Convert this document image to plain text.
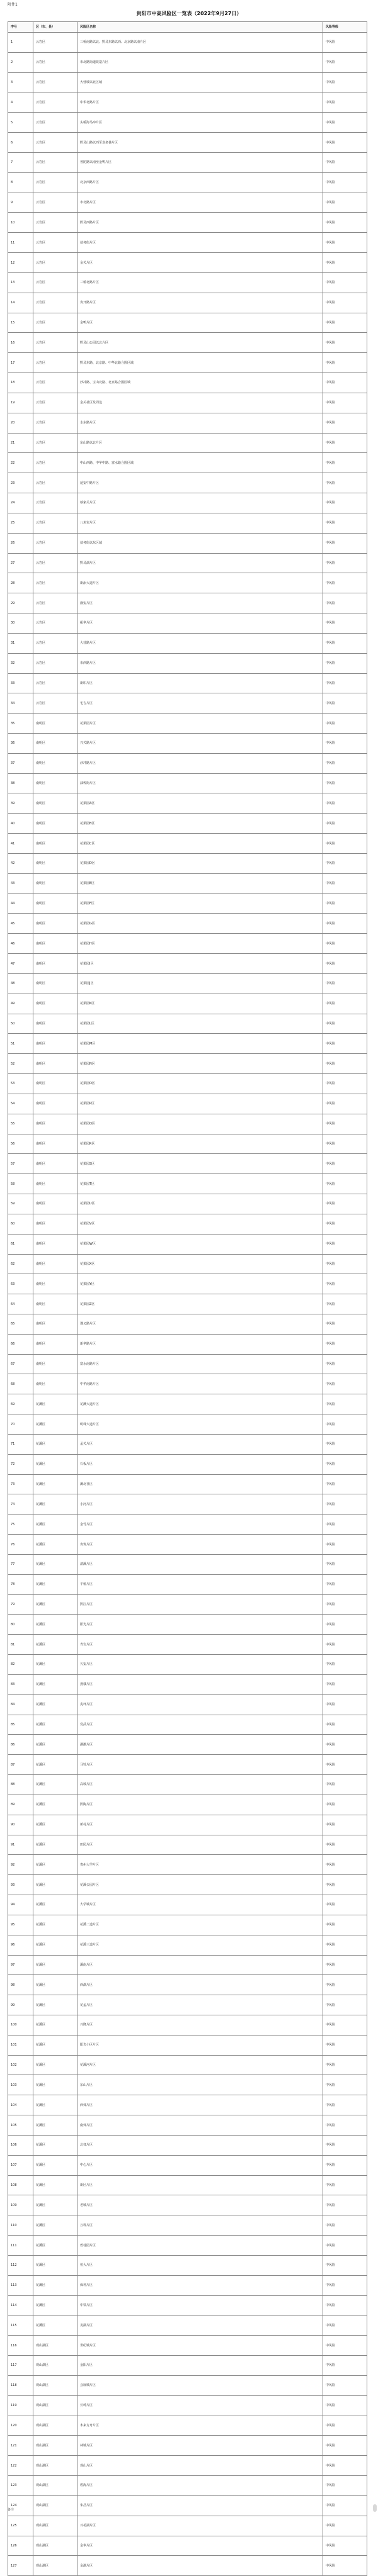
附件1
贵阳市中高风险区一览表（2022年9月27日）
序号	区（市、县）	风险区名称	风险等级
1	云岩区	三桥南路以北、黔灵东路以西、北京路以南片区	中风险
2	云岩区	市北路街道改造片区	中风险
3	云岩区	大营坡以北区域	中风险
4	云岩区	中华北路片区	中风险
5	云岩区	头桥海马冲片区	中风险
6	云岩区	黔灵山路以西至龙泉巷片区	中风险
7	云岩区	普陀路以南至金鸭片区	中风险
8	云岩区	北京西路片区	中风险
9	云岩区	市北路片区	中风险
10	云岩区	黔灵西路片区	中风险
11	云岩区	盐务街片区	中风险
12	云岩区	金关片区	中风险
13	云岩区	三桥北路片区	中风险
14	云岩区	贵开路片区	中风险
15	云岩区	金鸭片区	中风险
16	云岩区	黔灵山公园以北片区	中风险
17	云岩区	黔灵东路、北京路、中华北路合围区域	中风险
18	云岩区	沙冲路、宝山北路、北京路合围区域	中风险
19	云岩区	金关社区及周边	中风险
20	云岩区	水东路片区	中风险
21	云岩区	东山路以北片区	中风险
22	云岩区	中山西路、中华中路、富水路合围区域	中风险
23	云岩区	延安中路片区	中风险
24	云岩区	蔡家关片区	中风险
25	云岩区	八角岩片区	中风险
26	云岩区	盐务街以东区域	中风险
27	云岩区	黔灵湖片区	中风险
28	云岩区	新添大道片区	中风险
29	云岩区	渔安片区	中风险
30	云岩区	振华片区	中风险
31	云岩区	大营路片区	中风险
32	云岩区	市西路片区	中风险
33	云岩区	新印片区	中风险
34	云岩区	宅吉片区	中风险
35	南明区	花果园片区	中风险
36	南明区	兴关路片区	中风险
37	南明区	沙冲路片区	中风险
38	南明区	油榨街片区	中风险
39	南明区	花果园A区	中风险
40	南明区	花果园B区	中风险
41	南明区	花果园C区	中风险
42	南明区	花果园D区	中风险
43	南明区	花果园E区	中风险
44	南明区	花果园F区	中风险
45	南明区	花果园G区	中风险
46	南明区	花果园H区	中风险
47	南明区	花果园I区	中风险
48	南明区	花果园J区	中风险
49	南明区	花果园K区	中风险
50	南明区	花果园L区	中风险
51	南明区	花果园M区	中风险
52	南明区	花果园N区	中风险
53	南明区	花果园O区	中风险
54	南明区	花果园P区	中风险
55	南明区	花果园Q区	中风险
56	南明区	花果园R区	中风险
57	南明区	花果园S区	中风险
58	南明区	花果园T区	中风险
59	南明区	花果园U区	中风险
60	南明区	花果园V区	中风险
61	南明区	花果园W区	中风险
62	南明区	花果园X区	中风险
63	南明区	花果园Y区	中风险
64	南明区	花果园Z区	中风险
65	南明区	遵义路片区	中风险
66	南明区	新华路片区	中风险
67	南明区	富水南路片区	中风险
68	南明区	中华南路片区	中风险
69	花溪区	花溪大道片区	中风险
70	花溪区	明珠大道片区	中风险
71	花溪区	孟关片区	中风险
72	花溪区	石板片区	中风险
73	花溪区	溪北社区	中风险
74	花溪区	小河片区	中风险
75	花溪区	金竹片区	中风险
76	花溪区	贵筑片区	中风险
77	花溪区	清溪片区	中风险
78	花溪区	平桥片区	中风险
79	花溪区	黔江片区	中风险
80	花溪区	阳光片区	中风险
81	花溪区	青岩片区	中风险
82	花溪区	久安片区	中风险
83	花溪区	燕楼片区	中风险
84	花溪区	麦坪片区	中风险
85	花溪区	党武片区	中风险
86	花溪区	湖潮片区	中风险
87	花溪区	马铃片区	中风险
88	花溪区	高坡片区	中风险
89	花溪区	黔陶片区	中风险
90	花溪区	新村片区	中风险
91	花溪区	田园片区	中风险
92	花溪区	贵州大学片区	中风险
93	花溪区	花溪公园片区	中风险
94	花溪区	大学城片区	中风险
95	花溪区	花溪二道片区	中风险
96	花溪区	花溪三道片区	中风险
97	花溪区	溪南片区	中风险
98	花溪区	西湖片区	中风险
99	花溪区	花孟片区	中风险
100	花溪区	兴隆片区	中风险
101	花溪区	阳光小区片区	中风险
102	花溪区	花溪河片区	中风险
103	花溪区	东山片区	中风险
104	花溪区	西郊片区	中风险
105	花溪区	南郊片区	中风险
106	花溪区	北郊片区	中风险
107	花溪区	中心片区	中风险
108	花溪区	新区片区	中风险
109	花溪区	老城片区	中风险
110	花溪区	万科片区	中风险
111	花溪区	碧桂园片区	中风险
112	花溪区	恒大片区	中风险
113	花溪区	保利片区	中风险
114	花溪区	中铁片区	中风险
115	花溪区	龙湖片区	中风险
116	观山湖区	世纪城片区	中风险
117	观山湖区	金阳片区	中风险
118	观山湖区	会展城片区	中风险
119	观山湖区	长岭片区	中风险
120	观山湖区	未来方舟片区	中风险
121	观山湖区	林城片区	中风险
122	观山湖区	观山片区	中风险
123	观山湖区	碧海片区	中风险
124	观山湖区	朱昌片区	中风险
125	观山湖区	百花湖片区	中风险
126	观山湖区	金华片区	中风险
127	观山湖区	金湖片区	中风险
备注
